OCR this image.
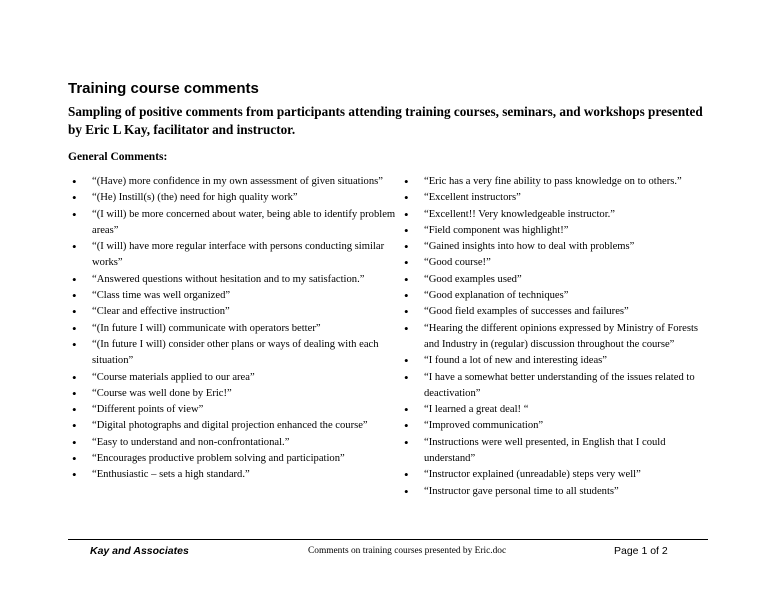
Training course comments

Sampling of positive comments from participants attending training courses, seminars, and workshops presented by Eric L Kay, facilitator and instructor.

General Comments:

• “(Have) more confidence in my own assessment of given situations”
• “(He) Instill(s) (the) need for high quality work”
• “(I will) be more concerned about water, being able to identify problem areas”
• “(I will) have more regular interface with persons conducting similar works”
• “Answered questions without hesitation and to my satisfaction.”
• “Class time was well organized”
• “Clear and effective instruction”
• “(In future I will) communicate with operators better”
• “(In future I will) consider other plans or ways of dealing with each situation”
• “Course materials applied to our area”
• “Course was well done by Eric!”
• “Different points of view”
• “Digital photographs and digital projection enhanced the course”
• “Easy to understand and non-confrontational.”
• “Encourages productive problem solving and participation”
• “Enthusiastic – sets a high standard.”
• “Eric has a very fine ability to pass knowledge on to others.”
• “Excellent instructors”
• “Excellent!! Very knowledgeable instructor.”
• “Field component was highlight!”
• “Gained insights into how to deal with problems”
• “Good course!”
• “Good examples used”
• “Good explanation of techniques”
• “Good field examples of successes and failures”
• “Hearing the different opinions expressed by Ministry of Forests and Industry in (regular) discussion throughout the course”
• “I found a lot of new and interesting ideas”
• “I have a somewhat better understanding of the issues related to deactivation”
• “I learned a great deal! “
• “Improved communication”
• “Instructions were well presented, in English that I could understand”
• “Instructor explained (unreadable) steps very well”
• “Instructor gave personal time to all students”
Kay and Associates	Comments on training courses presented by Eric.doc	Page 1 of 2
